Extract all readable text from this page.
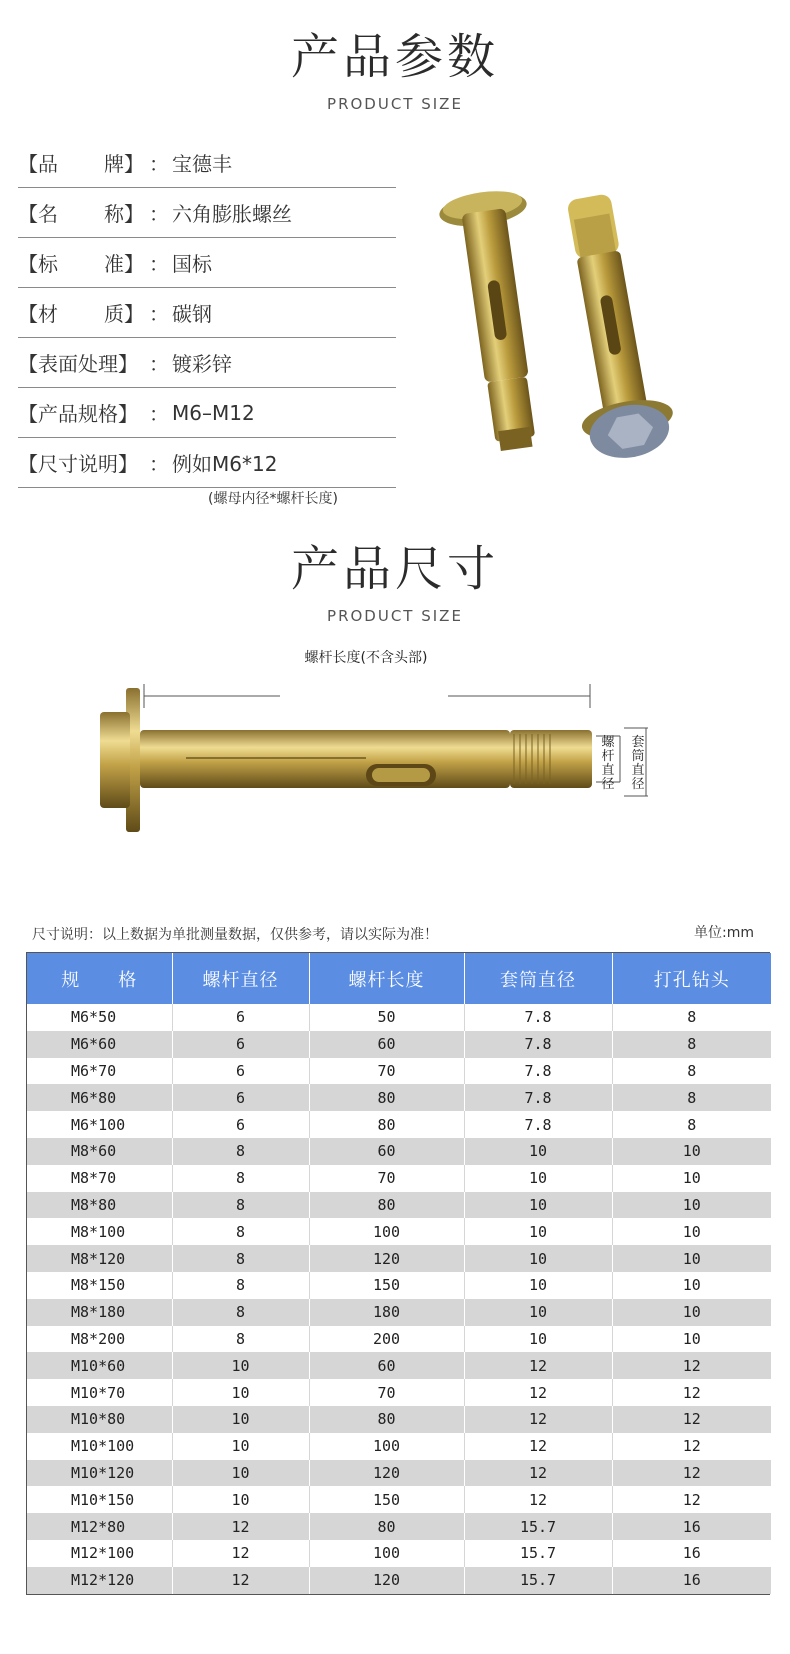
产品参数
PRODUCT SIZE
【品 牌】 ： 宝德丰
【名 称】 ： 六角膨胀螺丝
【标 准】 ： 国标
【材 质】 ： 碳钢
【表面处理】 ： 镀彩锌
【产品规格】 ： M6–M12
【尺寸说明】 ： 例如M6*12
(螺母内径*螺杆长度)
产品尺寸
PRODUCT SIZE
螺杆长度(不含头部)
螺
杆
直
径
套
筒
直
径
尺寸说明：以上数据为单批测量数据，仅供参考，请以实际为准！	单位:mm
规　　格	螺杆直径	螺杆长度	套筒直径	打孔钻头
M6*50	6	50	7.8	8
M6*60	6	60	7.8	8
M6*70	6	70	7.8	8
M6*80	6	80	7.8	8
M6*100	6	80	7.8	8
M8*60	8	60	10	10
M8*70	8	70	10	10
M8*80	8	80	10	10
M8*100	8	100	10	10
M8*120	8	120	10	10
M8*150	8	150	10	10
M8*180	8	180	10	10
M8*200	8	200	10	10
M10*60	10	60	12	12
M10*70	10	70	12	12
M10*80	10	80	12	12
M10*100	10	100	12	12
M10*120	10	120	12	12
M10*150	10	150	12	12
M12*80	12	80	15.7	16
M12*100	12	100	15.7	16
M12*120	12	120	15.7	16
